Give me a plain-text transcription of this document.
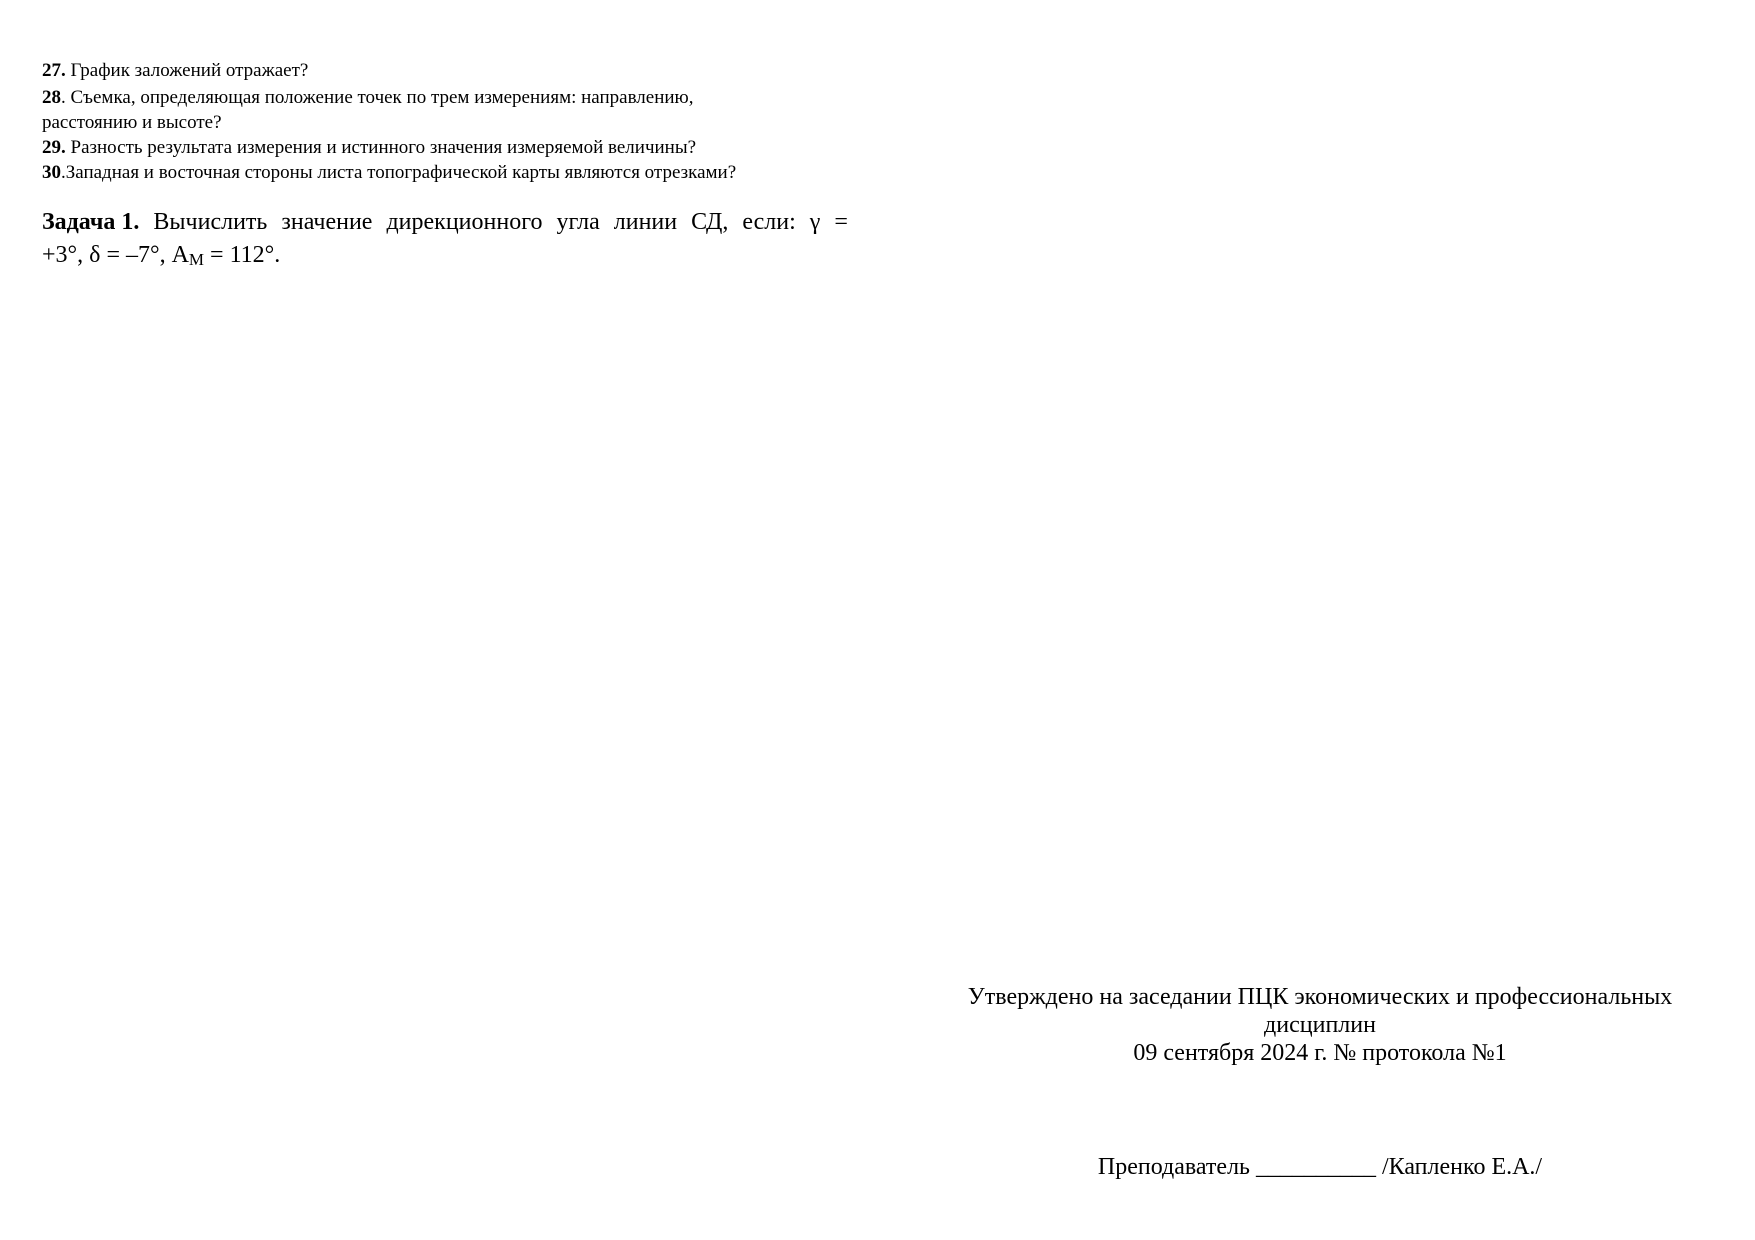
27. График заложений отражает?

28. Съемка, определяющая положение точек по трем измерениям: направлению, расстоянию и высоте?

29. Разность результата измерения и истинного значения измеряемой величины?

30.Западная и восточная стороны листа топографической карты являются отрезками?

Задача 1. Вычислить значение дирекционного угла линии СД, если: γ =
+3°, δ = –7°, АМ = 112°.

Утверждено на заседании ПЦК экономических и профессиональных

дисциплин

09 сентября 2024 г. № протокола №1

Преподаватель __________ /Капленко Е.А./
